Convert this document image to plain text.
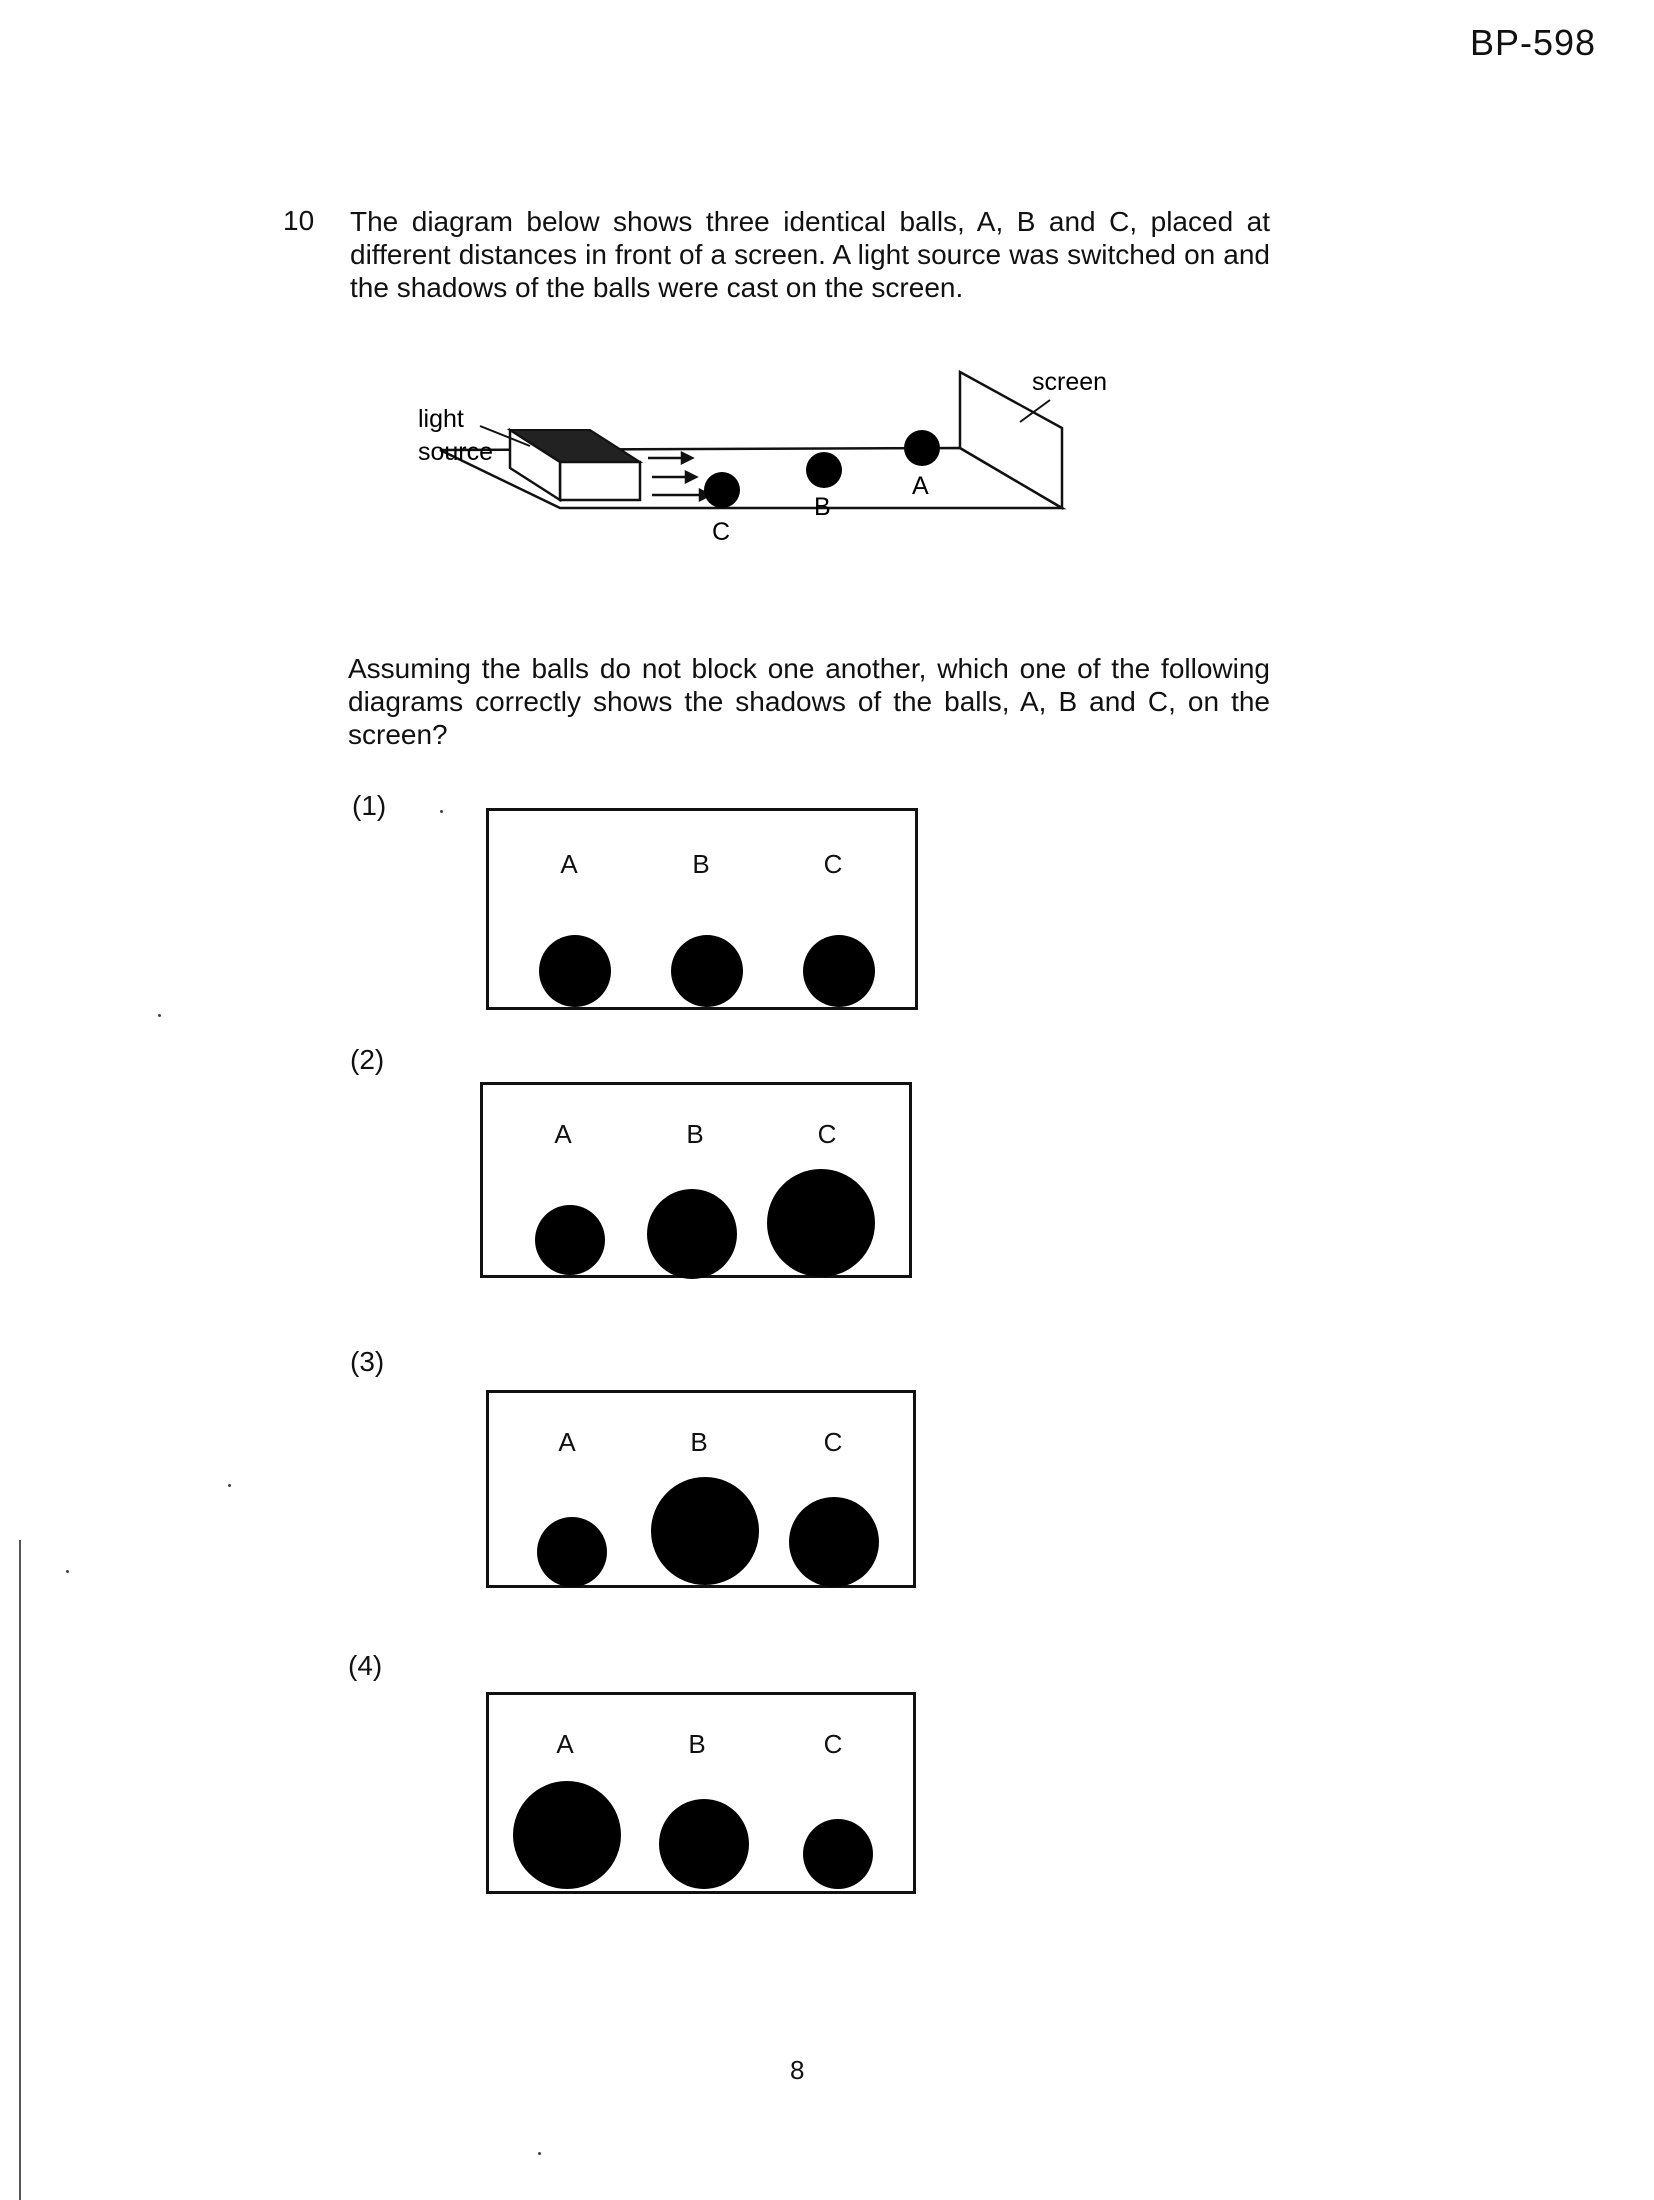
BP-598
10 The diagram below shows three identical balls, A, B and C, placed at different distances in front of a screen. A light source was switched on and the shadows of the balls were cast on the screen.
light
source
screen
C
B
A
Assuming the balls do not block one another, which one of the following diagrams correctly shows the shadows of the balls, A, B and C, on the screen?
(1)
A	B	C
(2)
A	B	C
(3)
A	B	C
(4)
A	B	C
8
